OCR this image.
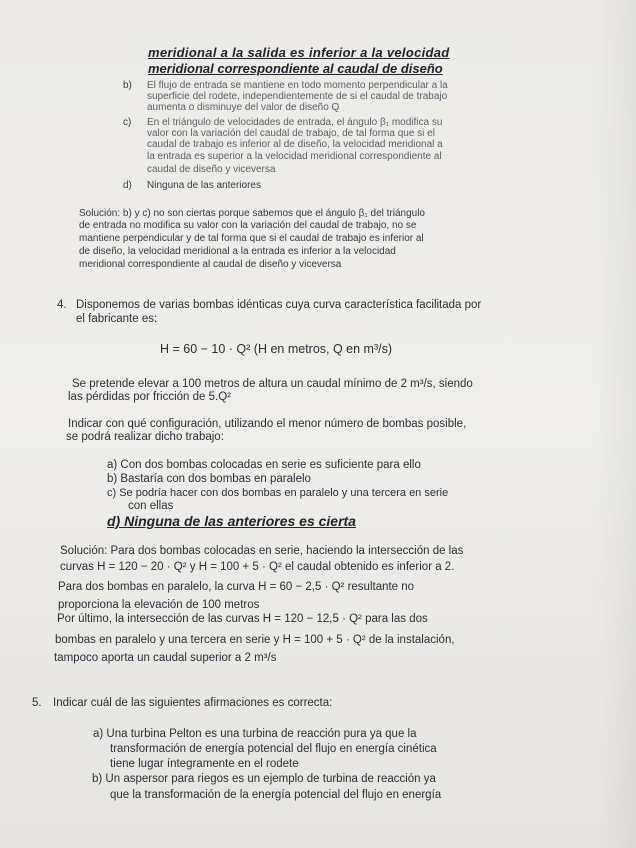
meridional a la salida es inferior a la velocidad
meridional correspondiente al caudal de diseño
b) El flujo de entrada se mantiene en todo momento perpendicular a la
superficie del rodete, independientemente de si el caudal de trabajo
aumenta o disminuye del valor de diseño Q
c) En el triángulo de velocidades de entrada, el ángulo β₁ modifica su
valor con la variación del caudal de trabajo, de tal forma que si el
caudal de trabajo es inferior al de diseño, la velocidad meridional a
la entrada es superior a la velocidad meridional correspondiente al
caudal de diseño y viceversa
d) Ninguna de las anteriores
Solución: b) y c) no son ciertas porque sabemos que el ángulo β₁ del triángulo
de entrada no modifica su valor con la variación del caudal de trabajo, no se
mantiene perpendicular y de tal forma que si el caudal de trabajo es inferior al
de diseño, la velocidad meridional a la entrada es inferior a la velocidad
meridional correspondiente al caudal de diseño y viceversa
4. Disponemos de varias bombas idénticas cuya curva característica facilitada por
el fabricante es:
H = 60 − 10 · Q² (H en metros, Q en m³/s)
Se pretende elevar a 100 metros de altura un caudal mínimo de 2 m³/s, siendo
las pérdidas por fricción de 5.Q²
Indicar con qué configuración, utilizando el menor número de bombas posible,
se podrá realizar dicho trabajo:
a) Con dos bombas colocadas en serie es suficiente para ello
b) Bastaría con dos bombas en paralelo
c) Se podría hacer con dos bombas en paralelo y una tercera en serie
con ellas
d) Ninguna de las anteriores es cierta
Solución: Para dos bombas colocadas en serie, haciendo la intersección de las
curvas H = 120 − 20 · Q² y H = 100 + 5 · Q² el caudal obtenido es inferior a 2.
Para dos bombas en paralelo, la curva H = 60 − 2,5 · Q² resultante no
proporciona la elevación de 100 metros
Por último, la intersección de las curvas H = 120 − 12,5 · Q² para las dos
bombas en paralelo y una tercera en serie y H = 100 + 5 · Q² de la instalación,
tampoco aporta un caudal superior a 2 m³/s
5. Indicar cuál de las siguientes afirmaciones es correcta:
a) Una turbina Pelton es una turbina de reacción pura ya que la
transformación de energía potencial del flujo en energía cinética
tiene lugar íntegramente en el rodete
b) Un aspersor para riegos es un ejemplo de turbina de reacción ya
que la transformación de la energía potencial del flujo en energía
